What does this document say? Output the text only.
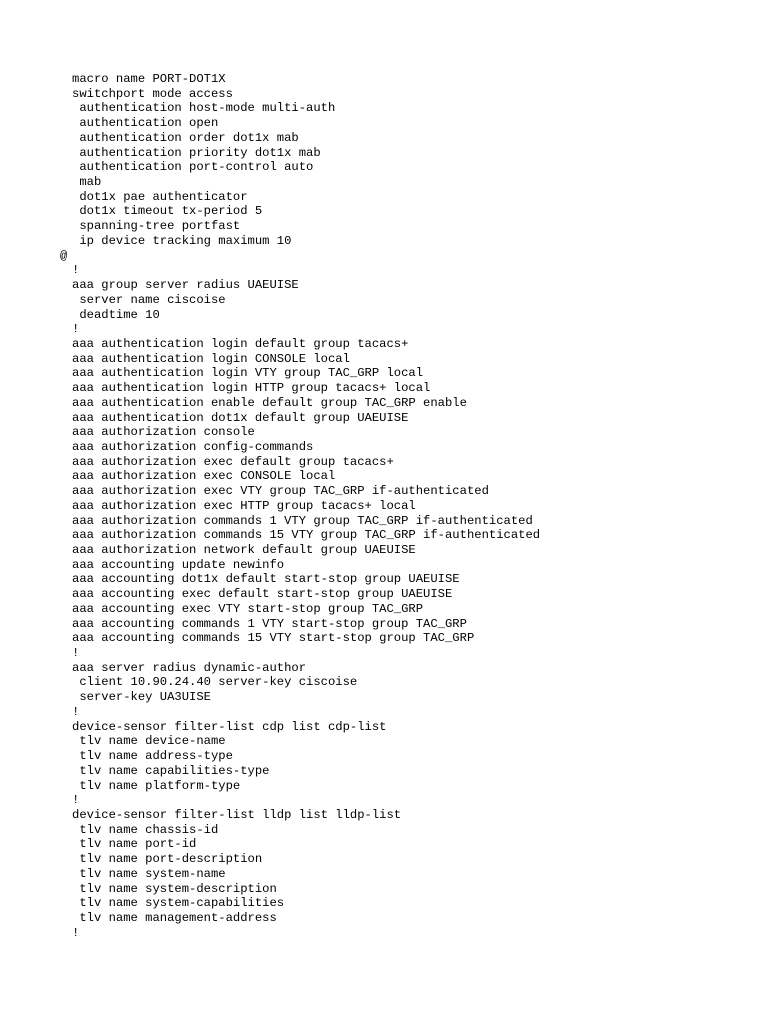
macro name PORT-DOT1X
switchport mode access
authentication host-mode multi-auth
authentication open
authentication order dot1x mab
authentication priority dot1x mab
authentication port-control auto
mab
dot1x pae authenticator
dot1x timeout tx-period 5
spanning-tree portfast
ip device tracking maximum 10
@
!
aaa group server radius UAEUISE
server name ciscoise
deadtime 10
!
aaa authentication login default group tacacs+
aaa authentication login CONSOLE local
aaa authentication login VTY group TAC_GRP local
aaa authentication login HTTP group tacacs+ local
aaa authentication enable default group TAC_GRP enable
aaa authentication dot1x default group UAEUISE
aaa authorization console
aaa authorization config-commands
aaa authorization exec default group tacacs+
aaa authorization exec CONSOLE local
aaa authorization exec VTY group TAC_GRP if-authenticated
aaa authorization exec HTTP group tacacs+ local
aaa authorization commands 1 VTY group TAC_GRP if-authenticated
aaa authorization commands 15 VTY group TAC_GRP if-authenticated
aaa authorization network default group UAEUISE
aaa accounting update newinfo
aaa accounting dot1x default start-stop group UAEUISE
aaa accounting exec default start-stop group UAEUISE
aaa accounting exec VTY start-stop group TAC_GRP
aaa accounting commands 1 VTY start-stop group TAC_GRP
aaa accounting commands 15 VTY start-stop group TAC_GRP
!
aaa server radius dynamic-author
client 10.90.24.40 server-key ciscoise
server-key UA3UISE
!
device-sensor filter-list cdp list cdp-list
tlv name device-name
tlv name address-type
tlv name capabilities-type
tlv name platform-type
!
device-sensor filter-list lldp list lldp-list
tlv name chassis-id
tlv name port-id
tlv name port-description
tlv name system-name
tlv name system-description
tlv name system-capabilities
tlv name management-address
!
